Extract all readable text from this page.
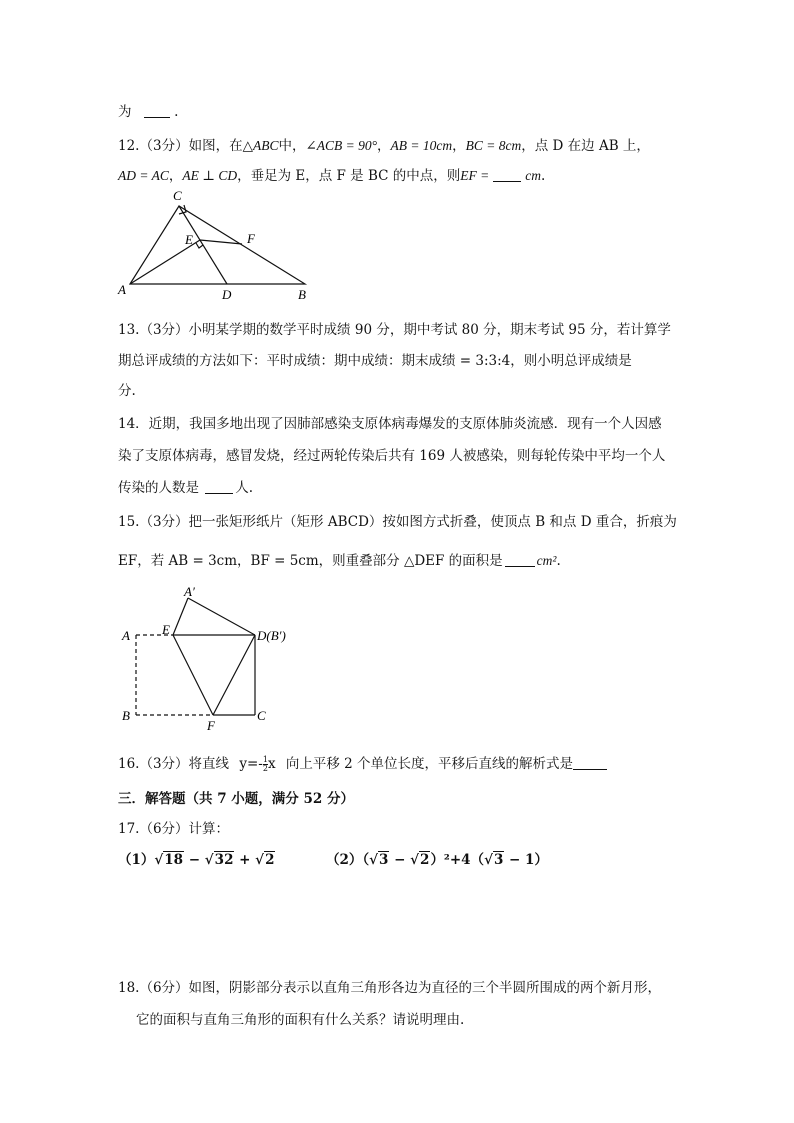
为	.
12.（3分）如图，在△ABC中，∠ACB = 90°，AB = 10cm，BC = 8cm，点 D 在边 AB 上，
AD = AC，AE ⊥ CD，垂足为 E，点 F 是 BC 的中点，则EF =	cm.
C
E	F
A	D	B
13.（3分）小明某学期的数学平时成绩 90 分，期中考试 80 分，期末考试 95 分，若计算学
期总评成绩的方法如下：平时成绩：期中成绩：期末成绩 = 3:3:4，则小明总评成绩是
分.
14．近期，我国多地出现了因肺部感染支原体病毒爆发的支原体肺炎流感．现有一个人因感
染了支原体病毒，感冒发烧，经过两轮传染后共有 169 人被感染，则每轮传染中平均一个人
传染的人数是	人.
15.（3分）把一张矩形纸片（矩形 ABCD）按如图方式折叠，使顶点 B 和点 D 重合，折痕为
EF，若 AB = 3cm，BF = 5cm，则重叠部分 △DEF 的面积是	cm².
A′
A E	D(B′)
B
F
C
16.（3分）将直线 $y=- \frac{1}{2}$ x 向上平移 2 个单位长度，平移后直线的解析式是
三．解答题（共 7 小题，满分 52 分）
17.（6分）计算：
（1）√18 − √32 + √2	（2）（√3 − √2）²+4（√3 − 1）
18.（6分）如图，阴影部分表示以直角三角形各边为直径的三个半圆所围成的两个新月形，
它的面积与直角三角形的面积有什么关系？请说明理由.
